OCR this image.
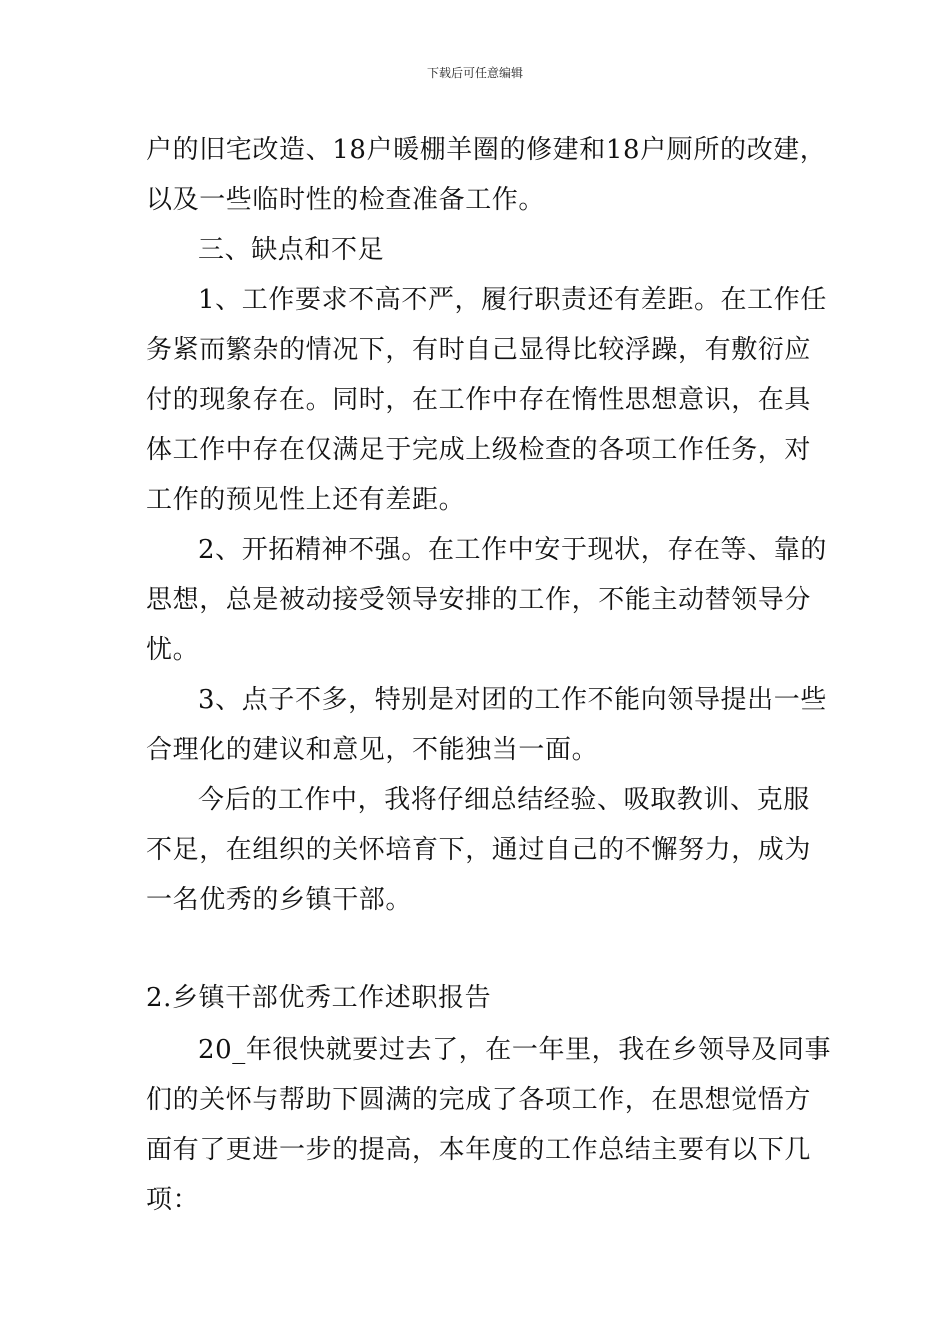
下载后可任意编辑
户的旧宅改造、18户暖棚羊圈的修建和18户厕所的改建，
以及一些临时性的检查准备工作。
三、缺点和不足
1、工作要求不高不严，履行职责还有差距。在工作任
务紧而繁杂的情况下，有时自己显得比较浮躁，有敷衍应
付的现象存在。同时，在工作中存在惰性思想意识，在具
体工作中存在仅满足于完成上级检查的各项工作任务，对
工作的预见性上还有差距。
2、开拓精神不强。在工作中安于现状，存在等、靠的
思想，总是被动接受领导安排的工作，不能主动替领导分
忧。
3、点子不多，特别是对团的工作不能向领导提出一些
合理化的建议和意见，不能独当一面。
今后的工作中，我将仔细总结经验、吸取教训、克服
不足，在组织的关怀培育下，通过自己的不懈努力，成为
一名优秀的乡镇干部。
2.乡镇干部优秀工作述职报告
20_年很快就要过去了，在一年里，我在乡领导及同事
们的关怀与帮助下圆满的完成了各项工作，在思想觉悟方
面有了更进一步的提高，本年度的工作总结主要有以下几
项：
